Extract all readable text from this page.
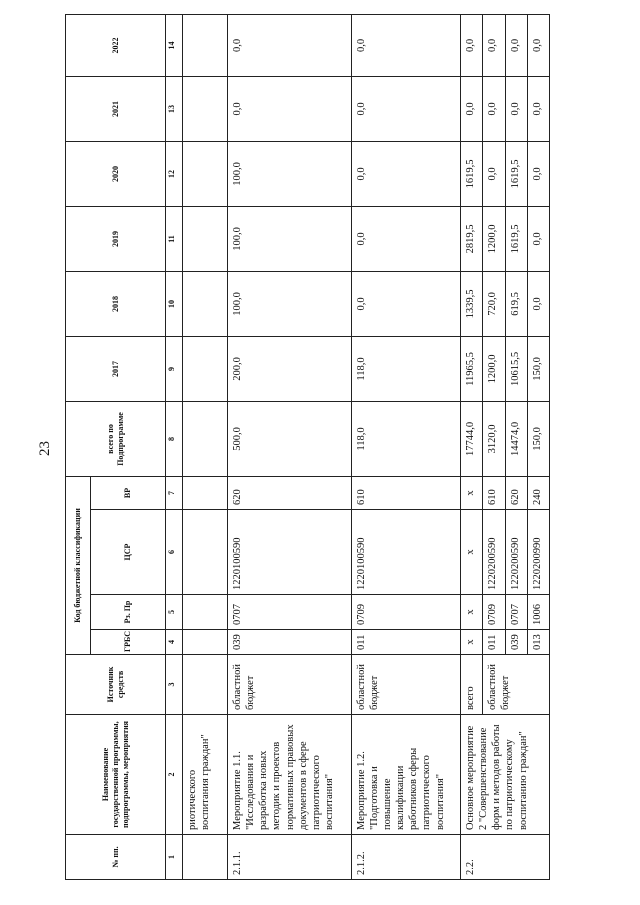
23
№ пп.	Наименование государственной программы, подпрограммы, мероприятия	Источник средств	Код бюджетной классификации				всего по Подпрограмме	2017	2018	2019	2020	2021	2022
			ГРБС	Рз. Пр	ЦСР	ВР							
1	2	3	4	5	6	7	8	9	10	11	12	13	14
	риотического воспитания граждан"												
2.1.1.	Мероприятие 1.1. "Исследования и разработка новых методик и проектов нормативных правовых документов в сфере патриотического воспитания"	областной бюджет	039	0707	1220100590	620	500,0	200,0	100,0	100,0	100,0	0,0	0,0
2.1.2.	Мероприятие 1.2. "Подготовка и повышение квалификации работников сферы патриотического воспитания"	областной бюджет	011	0709	1220100590	610	118,0	118,0	0,0	0,0	0,0	0,0	0,0
2.2.	Основное мероприятие 2 "Совершенствование форм и методов работы по патриотическому воспитанию граждан"	всего	x	x	x	x	17744,0	11965,5	1339,5	2819,5	1619,5	0,0	0,0
		областной бюджет	011	0709	1220200590	610	3120,0	1200,0	720,0	1200,0	0,0	0,0	0,0
			039	0707	1220200590	620	14474,0	10615,5	619,5	1619,5	1619,5	0,0	0,0
			013	1006	1220200990	240	150,0	150,0	0,0	0,0	0,0	0,0	0,0
